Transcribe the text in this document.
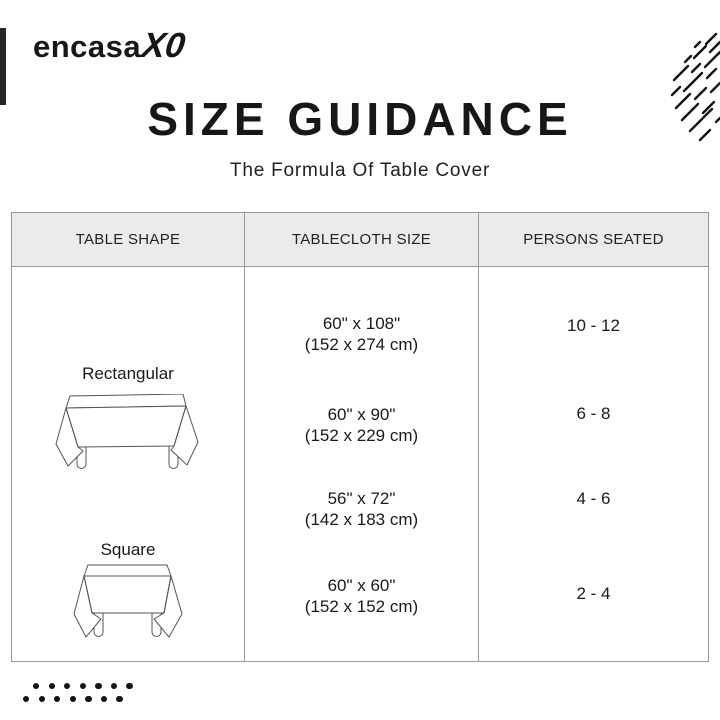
encasaX0
SIZE GUIDANCE
The Formula Of Table Cover
TABLE SHAPE	TABLECLOTH SIZE	PERSONS SEATED
Rectangular
Square
60" x 108"
(152 x 274 cm)
60" x 90"
(152 x 229 cm)
56" x 72"
(142 x 183 cm)
60" x 60"
(152 x 152 cm)
10 - 12
6 - 8
4 - 6
2 - 4
